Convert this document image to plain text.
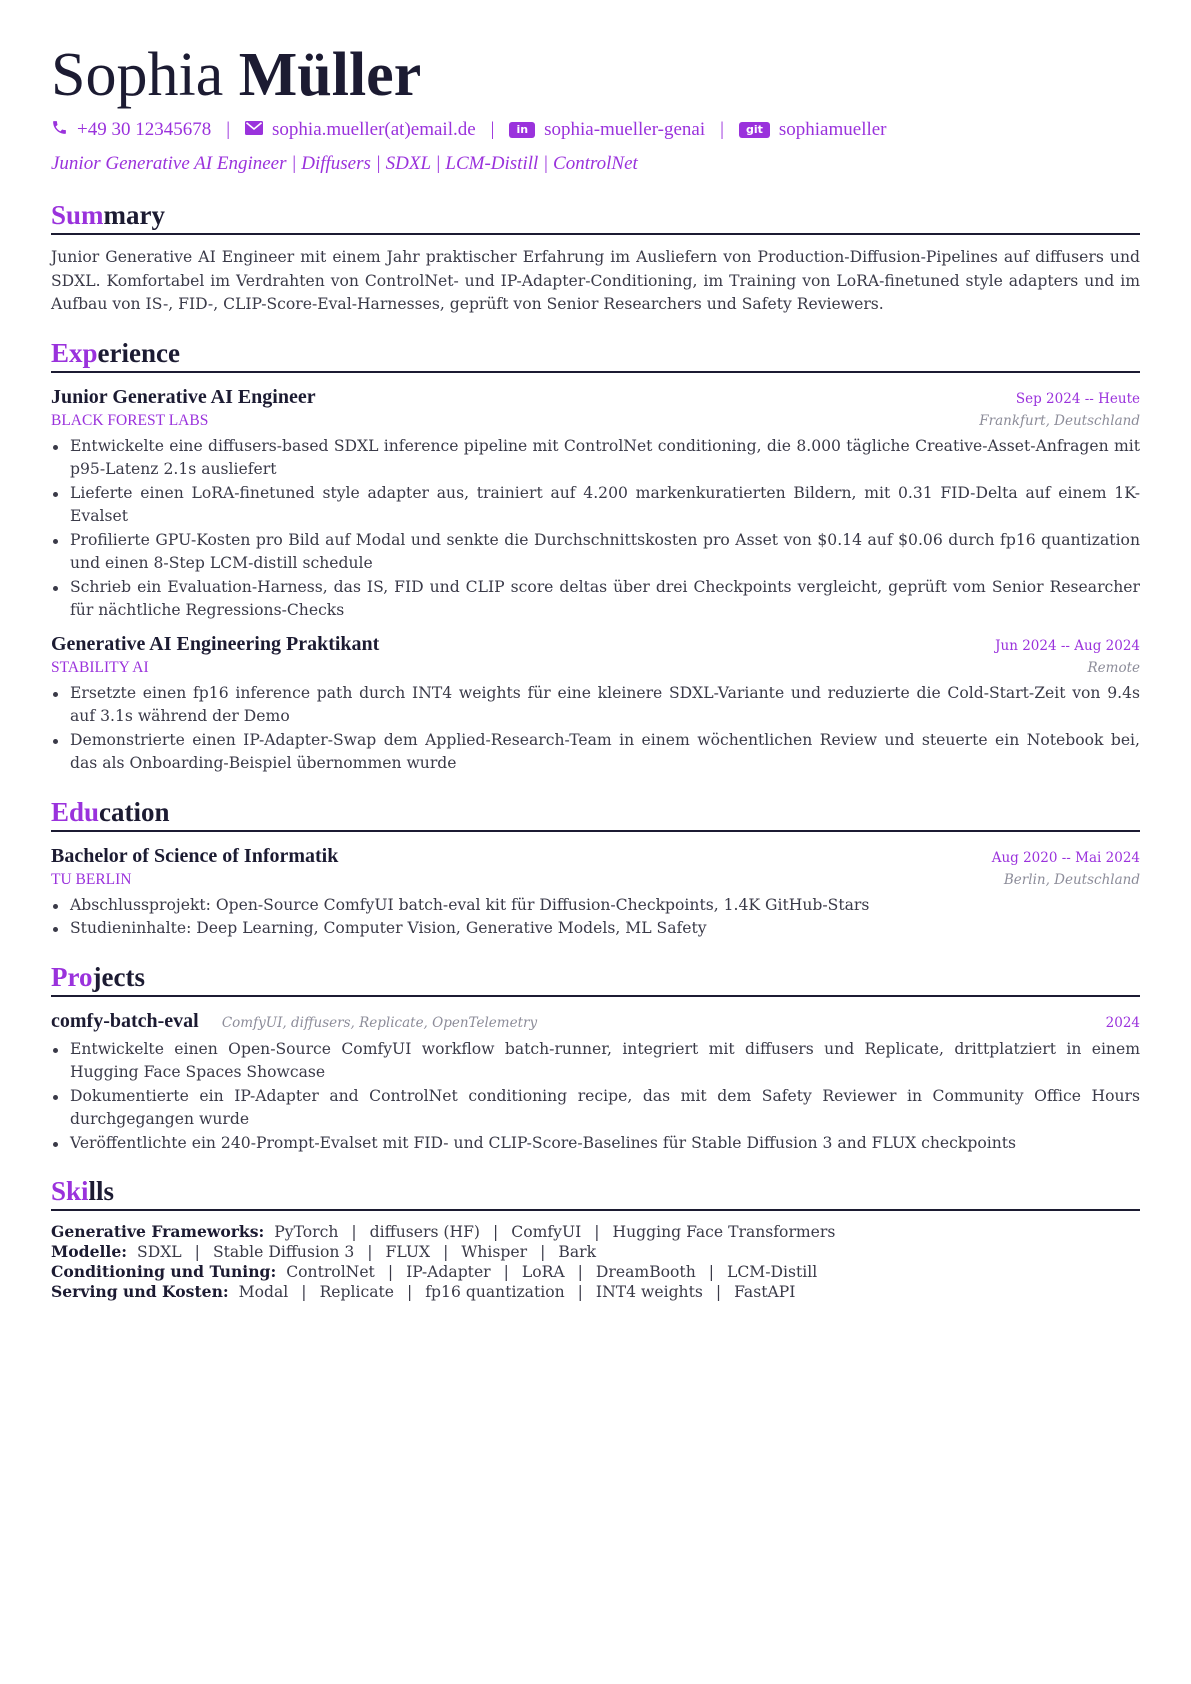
Sophia Müller
+49 30 12345678 | sophia.mueller(at)email.de |	in sophia-mueller-genai |	git sophiamueller
Junior Generative AI Engineer | Diffusers | SDXL | LCM-Distill | ControlNet
Summary
Junior Generative AI Engineer mit einem Jahr praktischer Erfahrung im Ausliefern von Production-Diffusion-Pipelines auf diffusers und SDXL. Komfortabel im Verdrahten von ControlNet- und IP-Adapter-Conditioning, im Training von LoRA-finetuned style adapters und im Aufbau von IS-, FID-, CLIP-Score-Eval-Harnesses, geprüft von Senior Researchers und Safety Reviewers.
Experience
Junior Generative AI Engineer	Sep 2024 -- Heute
BLACK FOREST LABS	Frankfurt, Deutschland
Entwickelte eine diffusers-based SDXL inference pipeline mit ControlNet conditioning, die 8.000 tägliche Creative-Asset-Anfragen mit p95-Latenz 2.1s ausliefert
Lieferte einen LoRA-finetuned style adapter aus, trainiert auf 4.200 markenkuratierten Bildern, mit 0.31 FID-Delta auf einem 1K-Evalset
Profilierte GPU-Kosten pro Bild auf Modal und senkte die Durchschnittskosten pro Asset von $0.14 auf $0.06 durch fp16 quantization und einen 8-Step LCM-distill schedule
Schrieb ein Evaluation-Harness, das IS, FID und CLIP score deltas über drei Checkpoints vergleicht, geprüft vom Senior Researcher für nächtliche Regressions-Checks
Generative AI Engineering Praktikant	Jun 2024 -- Aug 2024
STABILITY AI	Remote
Ersetzte einen fp16 inference path durch INT4 weights für eine kleinere SDXL-Variante und reduzierte die Cold-Start-Zeit von 9.4s auf 3.1s während der Demo
Demonstrierte einen IP-Adapter-Swap dem Applied-Research-Team in einem wöchentlichen Review und steuerte ein Notebook bei, das als Onboarding-Beispiel übernommen wurde
Education
Bachelor of Science of Informatik	Aug 2020 -- Mai 2024
TU BERLIN	Berlin, Deutschland
Abschlussprojekt: Open-Source ComfyUI batch-eval kit für Diffusion-Checkpoints, 1.4K GitHub-Stars
Studieninhalte: Deep Learning, Computer Vision, Generative Models, ML Safety
Projects
comfy-batch-eval ComfyUI, diffusers, Replicate, OpenTelemetry	2024
Entwickelte einen Open-Source ComfyUI workflow batch-runner, integriert mit diffusers und Replicate, drittplatziert in einem Hugging Face Spaces Showcase
Dokumentierte ein IP-Adapter and ControlNet conditioning recipe, das mit dem Safety Reviewer in Community Office Hours durchgegangen wurde
Veröffentlichte ein 240-Prompt-Evalset mit FID- und CLIP-Score-Baselines für Stable Diffusion 3 and FLUX checkpoints
Skills
Generative Frameworks: PyTorch | diffusers (HF) | ComfyUI | Hugging Face Transformers
Modelle: SDXL | Stable Diffusion 3 | FLUX | Whisper | Bark
Conditioning und Tuning: ControlNet | IP-Adapter | LoRA | DreamBooth | LCM-Distill
Serving und Kosten: Modal | Replicate | fp16 quantization | INT4 weights | FastAPI
